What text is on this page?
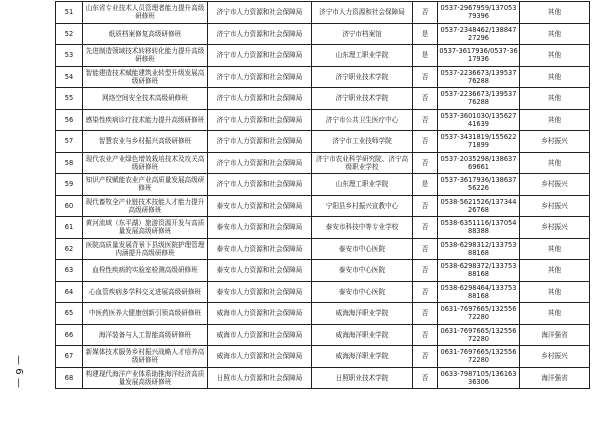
— 6 —
51	山东省专业技术人员管理者能力提升高级研修班	济宁市人力资源和社会保障局	济宁市人力资源和社会保障局	否	0537-2967959/13705379396	其他
52	纸质档案修复高级研修班	济宁市人力资源和社会保障局	济宁市档案馆	是	0537-2348462/13884727296	其他
53	先进制造领域技术转移转化能力提升高级研修班	济宁市人力资源和社会保障局	山东理工职业学院	是	0537-3617936/0537-3617936	其他
54	智能建造技术赋能建筑业转型升级发展高级研修班	济宁市人力资源和社会保障局	济宁职业技术学院	否	0537-2236673/13953776288	其他
55	网络空间安全技术高级研修班	济宁市人力资源和社会保障局	济宁职业技术学院	否	0537-2236673/13953776288	其他
56	感染性疾病诊疗技术能力提升高级研修班	济宁市人力资源和社会保障局	济宁市公共卫生医疗中心	否	0537-3601030/13562741639	其他
57	智慧农业与乡村振兴高级研修班	济宁市人力资源和社会保障局	济宁市工业技师学院	否	0537-3431819/15562271899	乡村振兴
58	现代农业产业绿色增效栽培技术及攻关高级研修班	济宁市人力资源和社会保障局	济宁市农业科学研究院、济宁高级职业学校	否	0537-2035298/13863769661	其他
59	知识产权赋能农业产业高质量发展高级研修班	济宁市人力资源和社会保障局	山东理工职业学院	是	0537-3617936/13863756226	乡村振兴
60	现代畜牧全产业链技术技能人才能力提升高级研修班	泰安市人力资源和社会保障局	宁阳县乡村振兴宣教中心	否	0538-5621526/13734426768	乡村振兴
61	黄河流域（东平湖）旅游资源开发与高质量发展高级研修班	泰安市人力资源和社会保障局	泰安市科技中等专业学校	否	0538-6351116/13705488388	乡村振兴
62	医院高质量发展背景下县级医院护理管理内涵提升高级研修班	泰安市人力资源和社会保障局	泰安市中心医院	否	0538-6298312/13375388168	其他
63	血栓性疾病的实验室检测高级研修班	泰安市人力资源和社会保障局	泰安市中心医院	否	0538-6298372/13375388168	其他
64	心血管疾病多学科交叉进展高级研修班	泰安市人力资源和社会保障局	泰安市中心医院	否	0538-6298464/13375388168	其他
65	中医药医养大健康创新引领高级研修班	威海市人力资源和社会保障局	威海海洋职业学院	否	0631-7697665/13255672280	其他
66	海洋装备与人工智能高级研修班	威海市人力资源和社会保障局	威海海洋职业学院	否	0631-7697665/13255672280	海洋强省
67	新媒体技术服务乡村振兴战略人才培养高级研修班	威海市人力资源和社会保障局	威海海洋职业学院	否	0631-7697665/13255672280	乡村振兴
68	构建现代海洋产业体系助推海洋经济高质量发展高级研修班	日照市人力资源和社会保障局	日照职业技术学院	否	0633-7987105/13616336306	海洋强省
